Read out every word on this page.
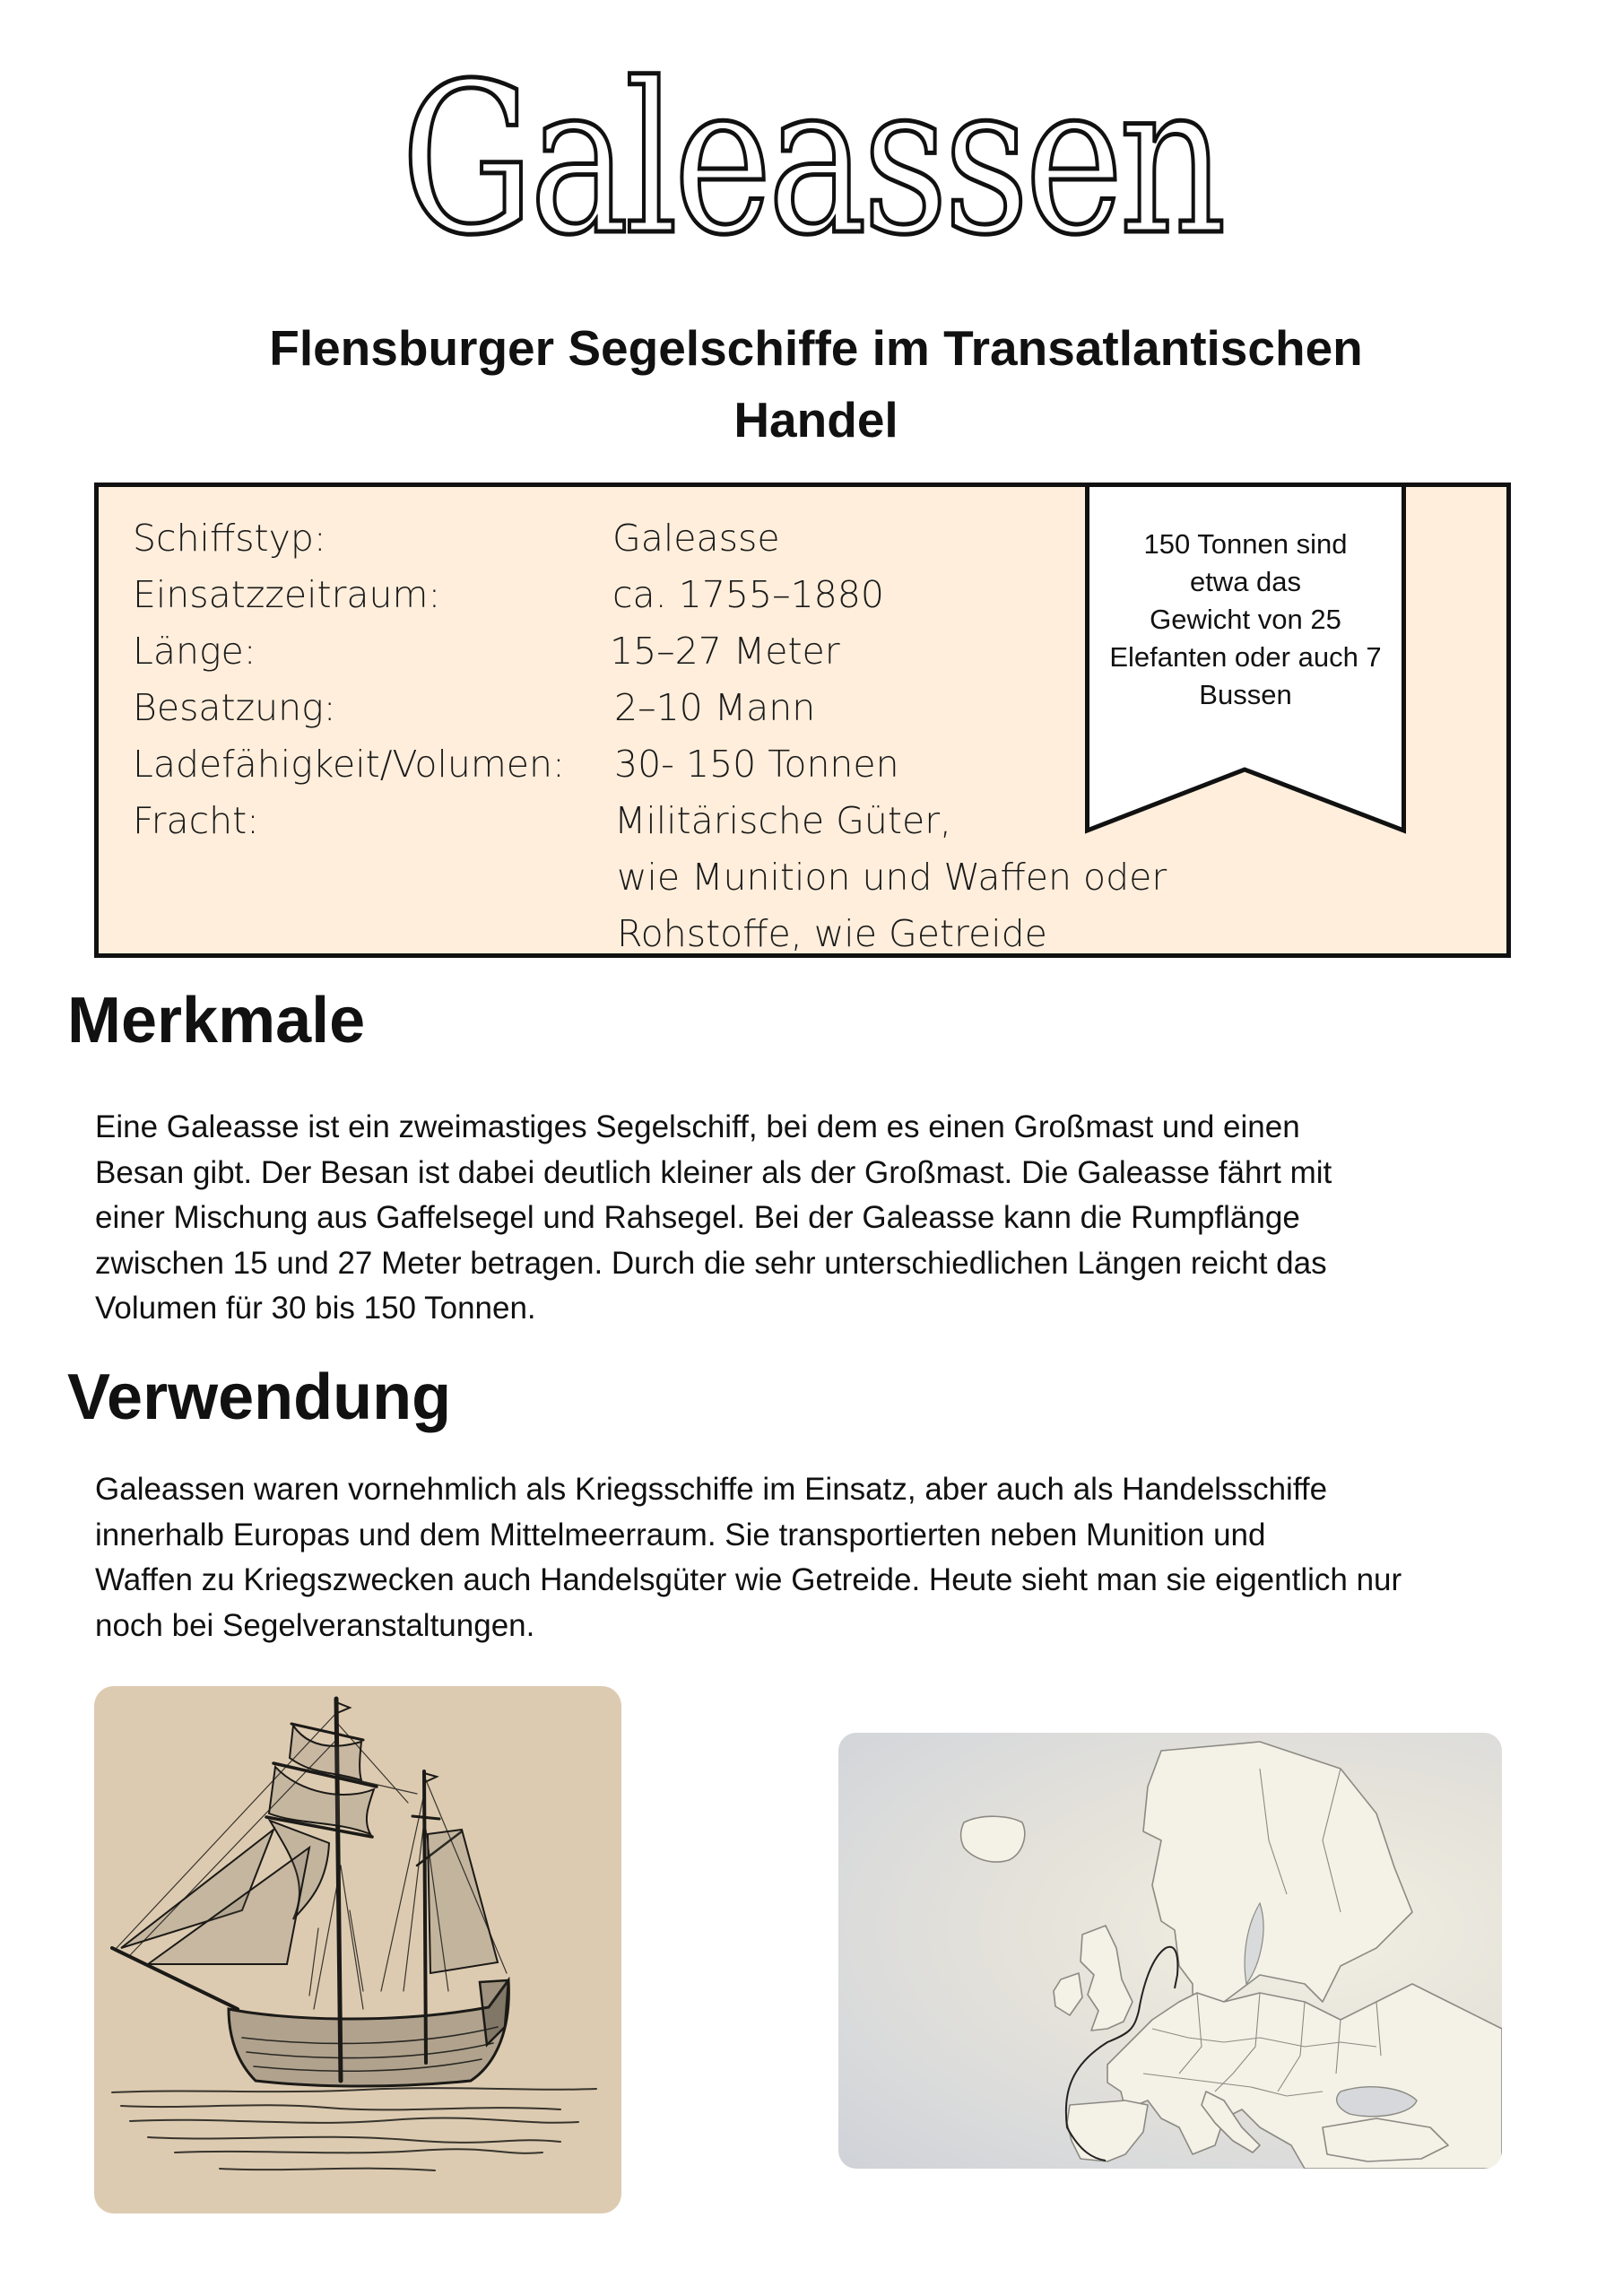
Galeassen
Flensburger Segelschiffe im Transatlantischen
Handel
Schiffstyp:	Galeasse
Einsatzzeitraum:	ca. 1755–1880
Länge:	15–27 Meter
Besatzung:	2–10 Mann
Ladefähigkeit/Volumen: 30- 150 Tonnen
Fracht:	Militärische Güter,
wie Munition und Waffen oder
Rohstoffe, wie Getreide
150 Tonnen sind
etwa das
Gewicht von 25
Elefanten oder auch 7
Bussen
Merkmale
Eine Galeasse ist ein zweimastiges Segelschiff, bei dem es einen Großmast und einen
Besan gibt. Der Besan ist dabei deutlich kleiner als der Großmast. Die Galeasse fährt mit
einer Mischung aus Gaffelsegel und Rahsegel. Bei der Galeasse kann die Rumpflänge
zwischen 15 und 27 Meter betragen. Durch die sehr unterschiedlichen Längen reicht das
Volumen für 30 bis 150 Tonnen.
Verwendung
Galeassen waren vornehmlich als Kriegsschiffe im Einsatz, aber auch als Handelsschiffe
innerhalb Europas und dem Mittelmeerraum. Sie transportierten neben Munition und
Waffen zu Kriegszwecken auch Handelsgüter wie Getreide. Heute sieht man sie eigentlich nur
noch bei Segelveranstaltungen.
